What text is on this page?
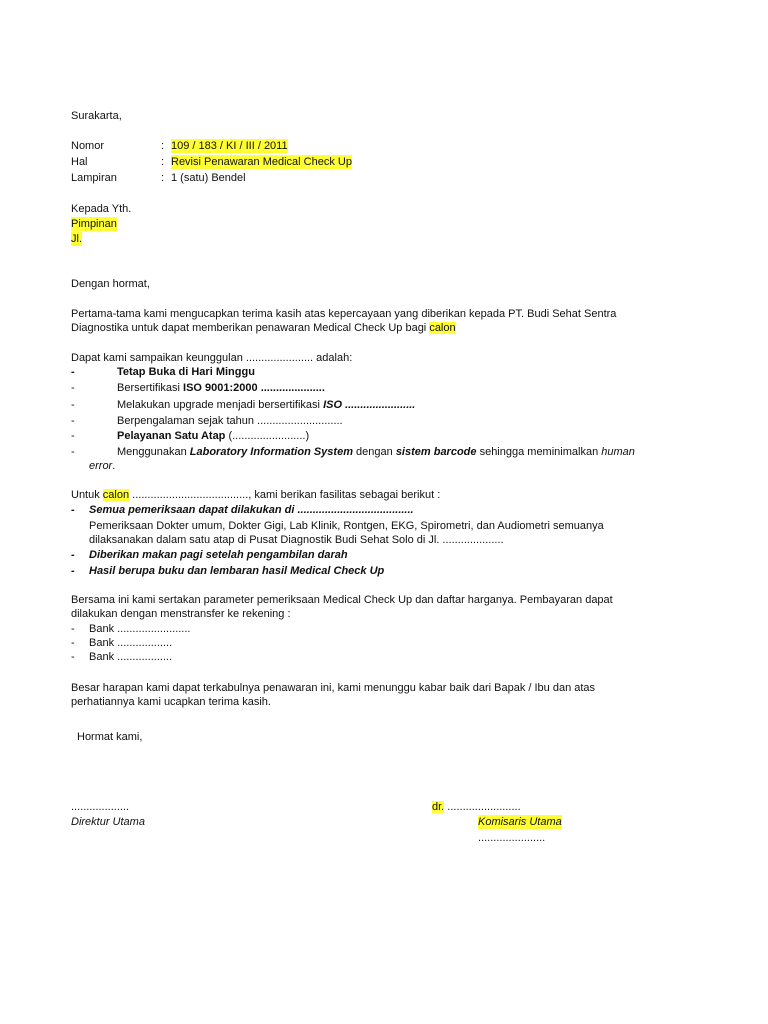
Surakarta,
Nomor	: 109 / 183 / KI / III / 2011
Hal	: Revisi Penawaran Medical Check Up
Lampiran	: 1 (satu) Bendel
Kepada Yth.
Pimpinan
Jl.
Dengan hormat,
Pertama-tama kami mengucapkan terima kasih atas kepercayaan yang diberikan kepada PT. Budi Sehat Sentra
Diagnostika untuk dapat memberikan penawaran Medical Check Up bagi calon
Dapat kami sampaikan keunggulan ...................... adalah:
-	Tetap Buka di Hari Minggu
-	Bersertifikasi ISO 9001:2000 .....................
-	Melakukan upgrade menjadi bersertifikasi ISO .......................
-	Berpengalaman sejak tahun ............................
-	Pelayanan Satu Atap (........................)
-	Menggunakan Laboratory Information System dengan sistem barcode sehingga meminimalkan human
error.
Untuk calon ......................................, kami berikan fasilitas sebagai berikut :
- Semua pemeriksaan dapat dilakukan di ......................................
Pemeriksaan Dokter umum, Dokter Gigi, Lab Klinik, Rontgen, EKG, Spirometri, dan Audiometri semuanya
dilaksanakan dalam satu atap di Pusat Diagnostik Budi Sehat Solo di Jl. ....................
- Diberikan makan pagi setelah pengambilan darah
- Hasil berupa buku dan lembaran hasil Medical Check Up
Bersama ini kami sertakan parameter pemeriksaan Medical Check Up dan daftar harganya. Pembayaran dapat
dilakukan dengan menstransfer ke rekening :
- Bank ........................
- Bank ..................
- Bank ..................
Besar harapan kami dapat terkabulnya penawaran ini, kami menunggu kabar baik dari Bapak / Ibu dan atas
perhatiannya kami ucapkan terima kasih.
Hormat kami,
...................
Direktur Utama
dr. ........................
Komisaris Utama
......................
